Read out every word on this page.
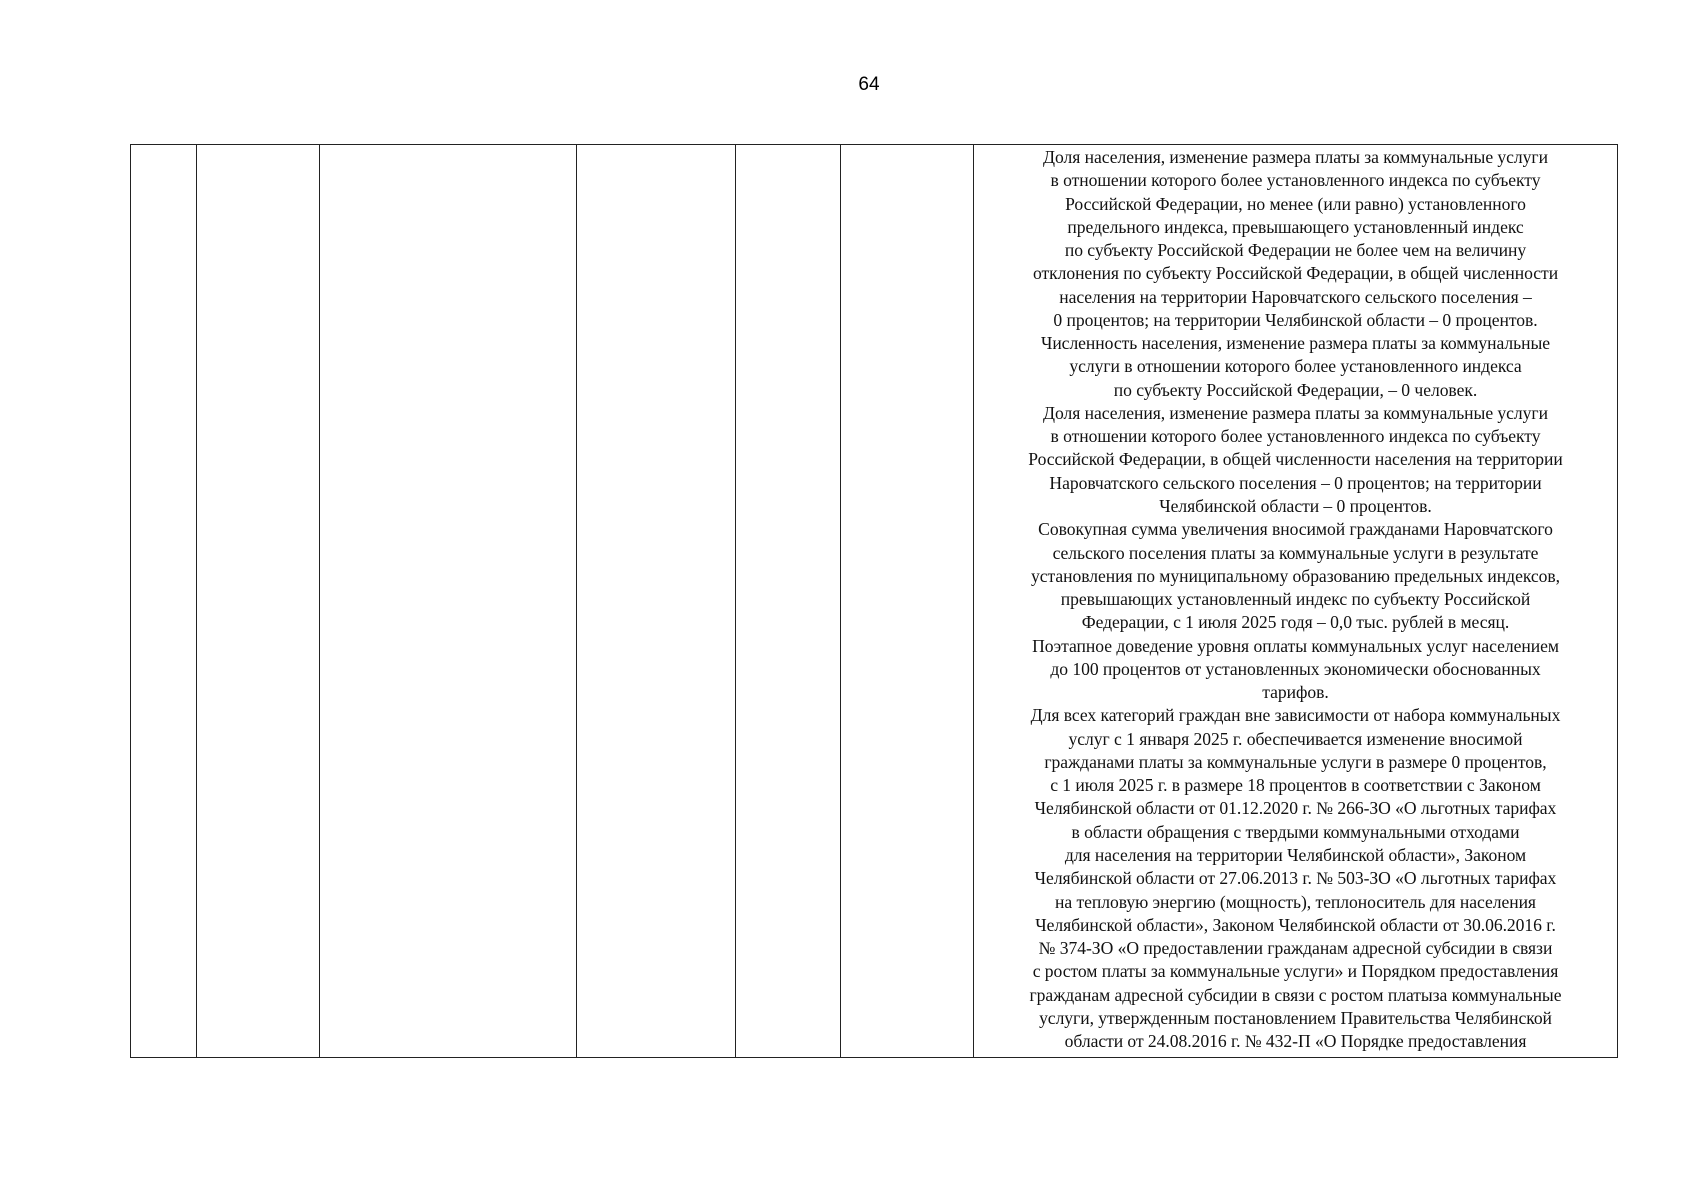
64

Доля населения, изменение размера платы за коммунальные услуги
в отношении которого более установленного индекса по субъекту
Российской Федерации, но менее (или равно) установленного
предельного индекса, превышающего установленный индекс
по субъекту Российской Федерации не более чем на величину
отклонения по субъекту Российской Федерации, в общей численности
населения на территории Наровчатского сельского поселения –
0 процентов; на территории Челябинской области – 0 процентов.
Численность населения, изменение размера платы за коммунальные
услуги в отношении которого более установленного индекса
по субъекту Российской Федерации, – 0 человек.
Доля населения, изменение размера платы за коммунальные услуги
в отношении которого более установленного индекса по субъекту
Российской Федерации, в общей численности населения на территории
Наровчатского сельского поселения – 0 процентов; на территории
Челябинской области – 0 процентов.
Совокупная сумма увеличения вносимой гражданами Наровчатского
сельского поселения платы за коммунальные услуги в результате
установления по муниципальному образованию предельных индексов,
превышающих установленный индекс по субъекту Российской
Федерации, с 1 июля 2025 годя – 0,0 тыс. рублей в месяц.
Поэтапное доведение уровня оплаты коммунальных услуг населением
до 100 процентов от установленных экономически обоснованных
тарифов.
Для всех категорий граждан вне зависимости от набора коммунальных
услуг с 1 января 2025 г. обеспечивается изменение вносимой
гражданами платы за коммунальные услуги в размере 0 процентов,
с 1 июля 2025 г. в размере 18 процентов в соответствии с Законом
Челябинской области от 01.12.2020 г. № 266-ЗО «О льготных тарифах
в области обращения с твердыми коммунальными отходами
для населения на территории Челябинской области», Законом
Челябинской области от 27.06.2013 г. № 503-ЗО «О льготных тарифах
на тепловую энергию (мощность), теплоноситель для населения
Челябинской области», Законом Челябинской области от 30.06.2016 г.
№ 374-ЗО «О предоставлении гражданам адресной субсидии в связи
с ростом платы за коммунальные услуги» и Порядком предоставления
гражданам адресной субсидии в связи с ростом платыза коммунальные
услуги, утвержденным постановлением Правительства Челябинской
области от 24.08.2016 г. № 432-П «О Порядке предоставления
